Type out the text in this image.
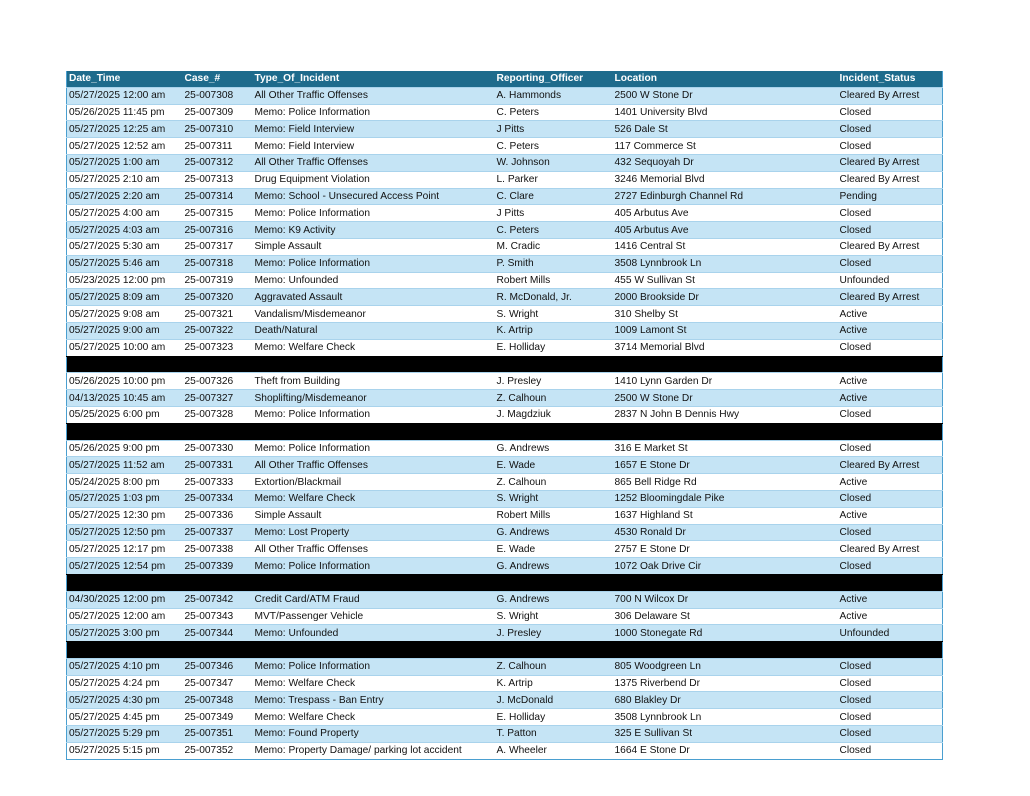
Date_Time	Case_#	Type_Of_Incident	Reporting_Officer	Location	Incident_Status
05/27/2025 12:00 am	25-007308	All Other Traffic Offenses	A. Hammonds	2500 W Stone Dr	Cleared By Arrest
05/26/2025 11:45 pm	25-007309	Memo: Police Information	C. Peters	1401 University Blvd	Closed
05/27/2025 12:25 am	25-007310	Memo: Field Interview	J Pitts	526 Dale St	Closed
05/27/2025 12:52 am	25-007311	Memo: Field Interview	C. Peters	117 Commerce St	Closed
05/27/2025 1:00 am	25-007312	All Other Traffic Offenses	W. Johnson	432 Sequoyah Dr	Cleared By Arrest
05/27/2025 2:10 am	25-007313	Drug Equipment Violation	L. Parker	3246 Memorial Blvd	Cleared By Arrest
05/27/2025 2:20 am	25-007314	Memo: School - Unsecured Access Point	C. Clare	2727 Edinburgh Channel Rd	Pending
05/27/2025 4:00 am	25-007315	Memo: Police Information	J Pitts	405 Arbutus Ave	Closed
05/27/2025 4:03 am	25-007316	Memo: K9 Activity	C. Peters	405 Arbutus Ave	Closed
05/27/2025 5:30 am	25-007317	Simple Assault	M. Cradic	1416 Central St	Cleared By Arrest
05/27/2025 5:46 am	25-007318	Memo: Police Information	P. Smith	3508 Lynnbrook Ln	Closed
05/23/2025 12:00 pm	25-007319	Memo: Unfounded	Robert Mills	455 W Sullivan St	Unfounded
05/27/2025 8:09 am	25-007320	Aggravated Assault	R. McDonald, Jr.	2000 Brookside Dr	Cleared By Arrest
05/27/2025 9:08 am	25-007321	Vandalism/Misdemeanor	S. Wright	310 Shelby St	Active
05/27/2025 9:00 am	25-007322	Death/Natural	K. Artrip	1009 Lamont St	Active
05/27/2025 10:00 am	25-007323	Memo: Welfare Check	E. Holliday	3714 Memorial Blvd	Closed

05/26/2025 10:00 pm	25-007326	Theft from Building	J. Presley	1410 Lynn Garden Dr	Active
04/13/2025 10:45 am	25-007327	Shoplifting/Misdemeanor	Z. Calhoun	2500 W Stone Dr	Active
05/25/2025 6:00 pm	25-007328	Memo: Police Information	J. Magdziuk	2837 N John B Dennis Hwy	Closed

05/26/2025 9:00 pm	25-007330	Memo: Police Information	G. Andrews	316 E Market St	Closed
05/27/2025 11:52 am	25-007331	All Other Traffic Offenses	E. Wade	1657 E Stone Dr	Cleared By Arrest
05/24/2025 8:00 pm	25-007333	Extortion/Blackmail	Z. Calhoun	865 Bell Ridge Rd	Active
05/27/2025 1:03 pm	25-007334	Memo: Welfare Check	S. Wright	1252 Bloomingdale Pike	Closed
05/27/2025 12:30 pm	25-007336	Simple Assault	Robert Mills	1637 Highland St	Active
05/27/2025 12:50 pm	25-007337	Memo: Lost Property	G. Andrews	4530 Ronald Dr	Closed
05/27/2025 12:17 pm	25-007338	All Other Traffic Offenses	E. Wade	2757 E Stone Dr	Cleared By Arrest
05/27/2025 12:54 pm	25-007339	Memo: Police Information	G. Andrews	1072 Oak Drive Cir	Closed

04/30/2025 12:00 pm	25-007342	Credit Card/ATM Fraud	G. Andrews	700 N Wilcox Dr	Active
05/27/2025 12:00 am	25-007343	MVT/Passenger Vehicle	S. Wright	306 Delaware St	Active
05/27/2025 3:00 pm	25-007344	Memo: Unfounded	J. Presley	1000 Stonegate Rd	Unfounded

05/27/2025 4:10 pm	25-007346	Memo: Police Information	Z. Calhoun	805 Woodgreen Ln	Closed
05/27/2025 4:24 pm	25-007347	Memo: Welfare Check	K. Artrip	1375 Riverbend Dr	Closed
05/27/2025 4:30 pm	25-007348	Memo: Trespass - Ban Entry	J. McDonald	680 Blakley Dr	Closed
05/27/2025 4:45 pm	25-007349	Memo: Welfare Check	E. Holliday	3508 Lynnbrook Ln	Closed
05/27/2025 5:29 pm	25-007351	Memo: Found Property	T. Patton	325 E Sullivan St	Closed
05/27/2025 5:15 pm	25-007352	Memo: Property Damage/ parking lot accident	A. Wheeler	1664 E Stone Dr	Closed
